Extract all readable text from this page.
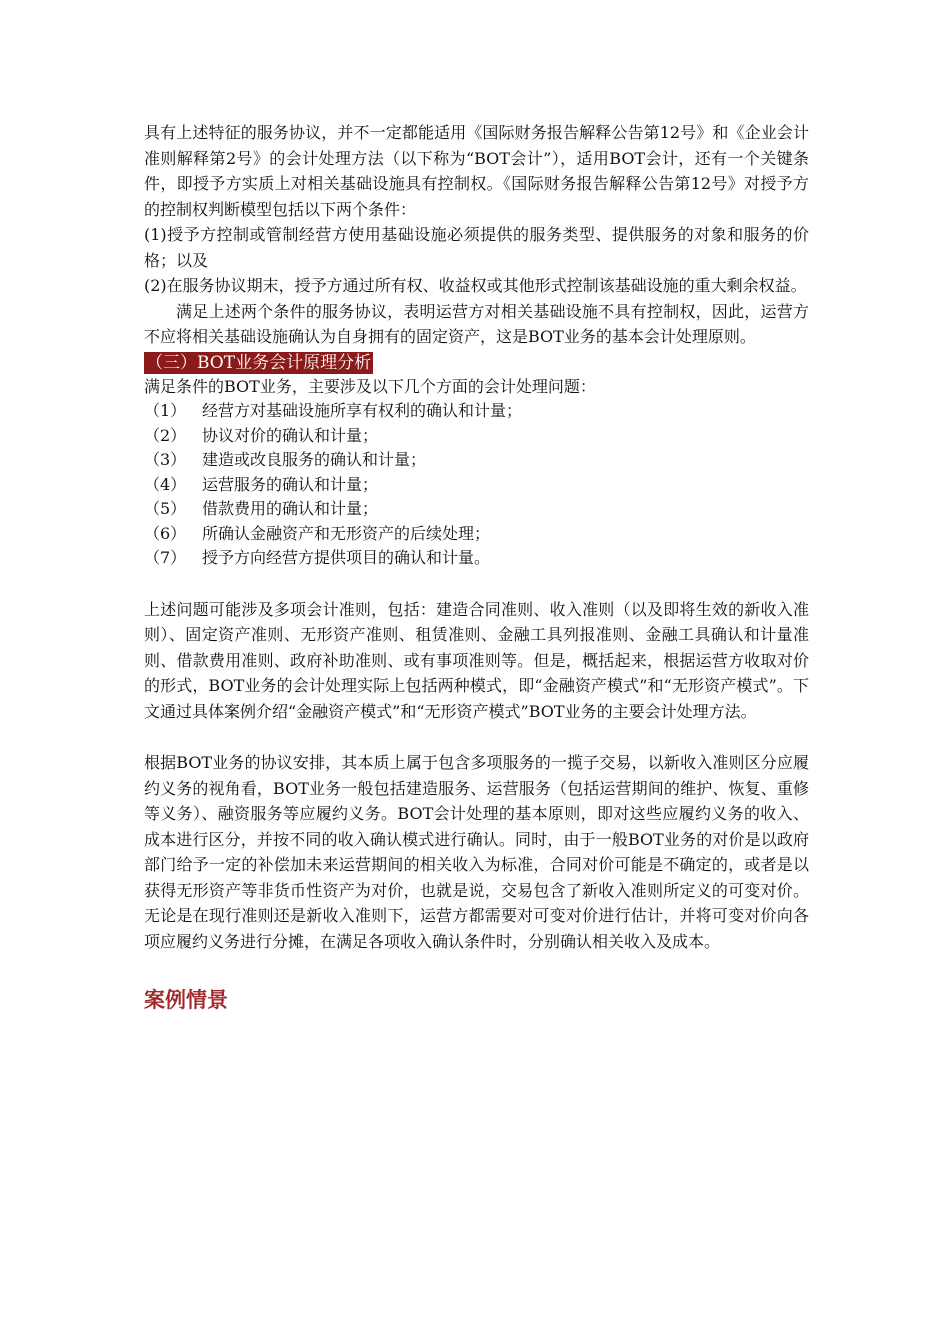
具有上述特征的服务协议，并不一定都能适用《国际财务报告解释公告第12号》和《企业会计准则解释第2号》的会计处理方法（以下称为“BOT会计”），适用BOT会计，还有一个关键条件，即授予方实质上对相关基础设施具有控制权。《国际财务报告解释公告第12号》对授予方的控制权判断模型包括以下两个条件：

(1)授予方控制或管制经营方使用基础设施必须提供的服务类型、提供服务的对象和服务的价格；以及

(2)在服务协议期末，授予方通过所有权、收益权或其他形式控制该基础设施的重大剩余权益。

满足上述两个条件的服务协议，表明运营方对相关基础设施不具有控制权，因此，运营方不应将相关基础设施确认为自身拥有的固定资产，这是BOT业务的基本会计处理原则。

（三）BOT业务会计原理分析

满足条件的BOT业务，主要涉及以下几个方面的会计处理问题：

（1） 经营方对基础设施所享有权利的确认和计量；
（2） 协议对价的确认和计量；
（3） 建造或改良服务的确认和计量；
（4） 运营服务的确认和计量；
（5） 借款费用的确认和计量；
（6） 所确认金融资产和无形资产的后续处理；
（7） 授予方向经营方提供项目的确认和计量。

上述问题可能涉及多项会计准则，包括：建造合同准则、收入准则（以及即将生效的新收入准则）、固定资产准则、无形资产准则、租赁准则、金融工具列报准则、金融工具确认和计量准则、借款费用准则、政府补助准则、或有事项准则等。但是，概括起来，根据运营方收取对价的形式，BOT业务的会计处理实际上包括两种模式，即“金融资产模式”和“无形资产模式”。下文通过具体案例介绍“金融资产模式”和“无形资产模式”BOT业务的主要会计处理方法。

根据BOT业务的协议安排，其本质上属于包含多项服务的一揽子交易，以新收入准则区分应履约义务的视角看，BOT业务一般包括建造服务、运营服务（包括运营期间的维护、恢复、重修等义务）、融资服务等应履约义务。BOT会计处理的基本原则，即对这些应履约义务的收入、成本进行区分，并按不同的收入确认模式进行确认。同时，由于一般BOT业务的对价是以政府部门给予一定的补偿加未来运营期间的相关收入为标准，合同对价可能是不确定的，或者是以获得无形资产等非货币性资产为对价，也就是说，交易包含了新收入准则所定义的可变对价。无论是在现行准则还是新收入准则下，运营方都需要对可变对价进行估计，并将可变对价向各项应履约义务进行分摊，在满足各项收入确认条件时，分别确认相关收入及成本。

案例情景
